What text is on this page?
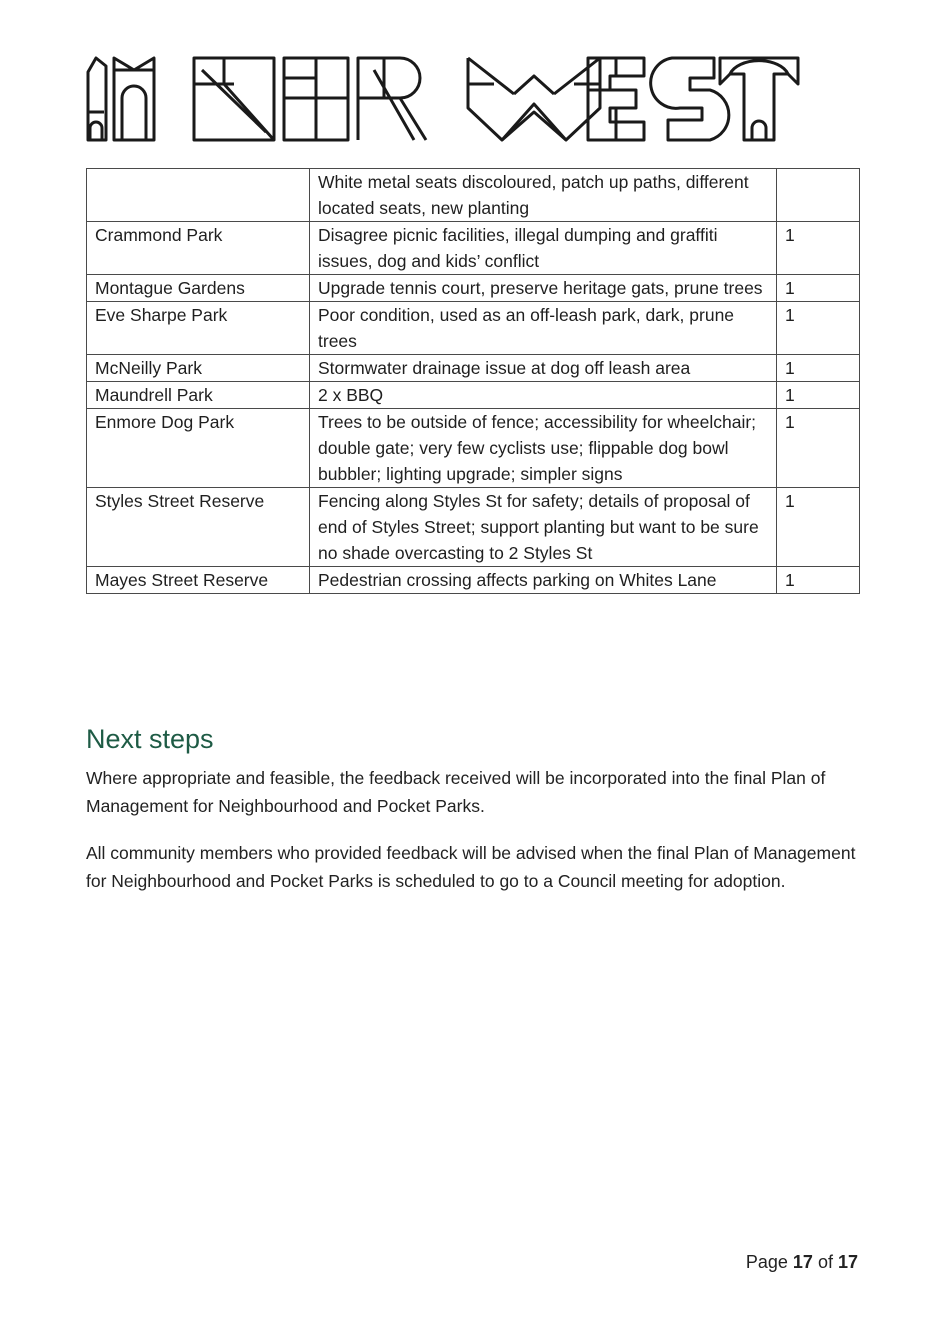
	White metal seats discoloured, patch up paths, different located seats, new planting	
Crammond Park	Disagree picnic facilities, illegal dumping and graffiti issues, dog and kids’ conflict	1
Montague Gardens	Upgrade tennis court, preserve heritage gats, prune trees	1
Eve Sharpe Park	Poor condition, used as an off-leash park, dark, prune trees	1
McNeilly Park	Stormwater drainage issue at dog off leash area	1
Maundrell Park	2 x BBQ	1
Enmore Dog Park	Trees to be outside of fence; accessibility for wheelchair; double gate; very few cyclists use; flippable dog bowl bubbler; lighting upgrade; simpler signs	1
Styles Street Reserve	Fencing along Styles St for safety; details of proposal of end of Styles Street; support planting but want to be sure no shade overcasting to 2 Styles St	1
Mayes Street Reserve	Pedestrian crossing affects parking on Whites Lane	1
Next steps

Where appropriate and feasible, the feedback received will be incorporated into the final Plan of Management for Neighbourhood and Pocket Parks.

All community members who provided feedback will be advised when the final Plan of Management for Neighbourhood and Pocket Parks is scheduled to go to a Council meeting for adoption.

Page 17 of 17
